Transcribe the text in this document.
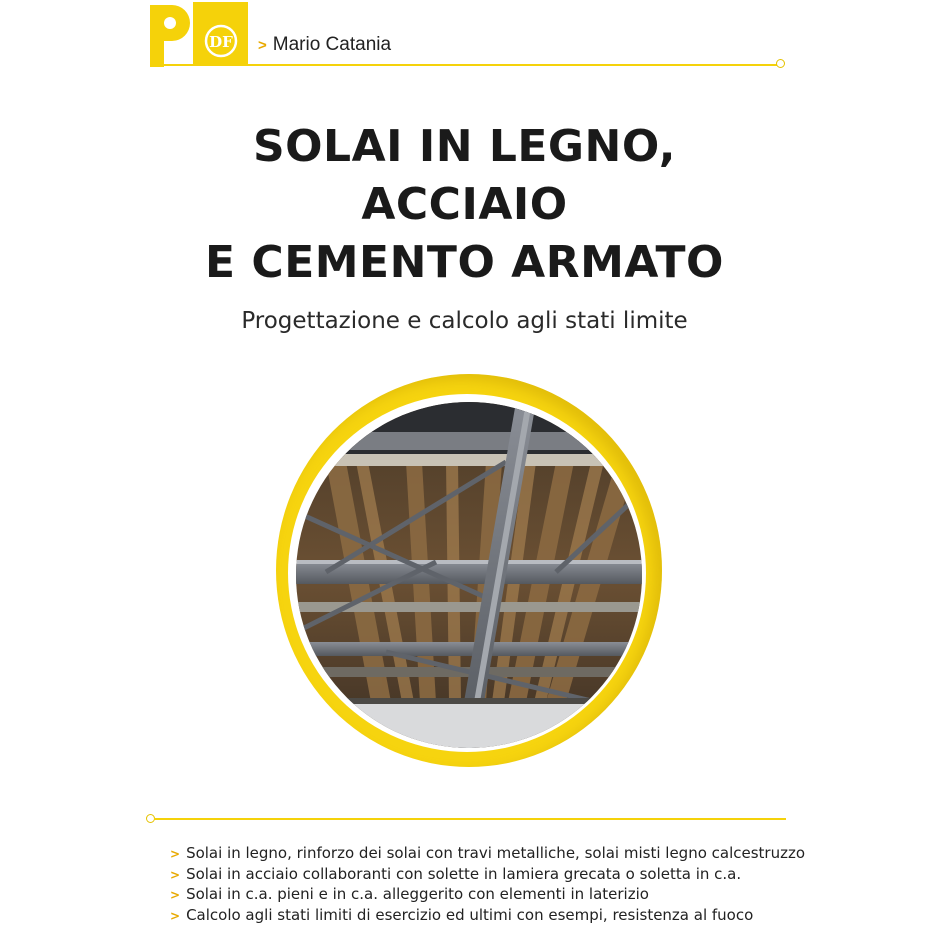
DF > Mario Catania
SOLAI IN LEGNO,
ACCIAIO
E CEMENTO ARMATO
Progettazione e calcolo agli stati limite
> Solai in legno, rinforzo dei solai con travi metalliche, solai misti legno calcestruzzo
> Solai in acciaio collaboranti con solette in lamiera grecata o soletta in c.a.
> Solai in c.a. pieni e in c.a. alleggerito con elementi in laterizio
> Calcolo agli stati limiti di esercizio ed ultimi con esempi, resistenza al fuoco
